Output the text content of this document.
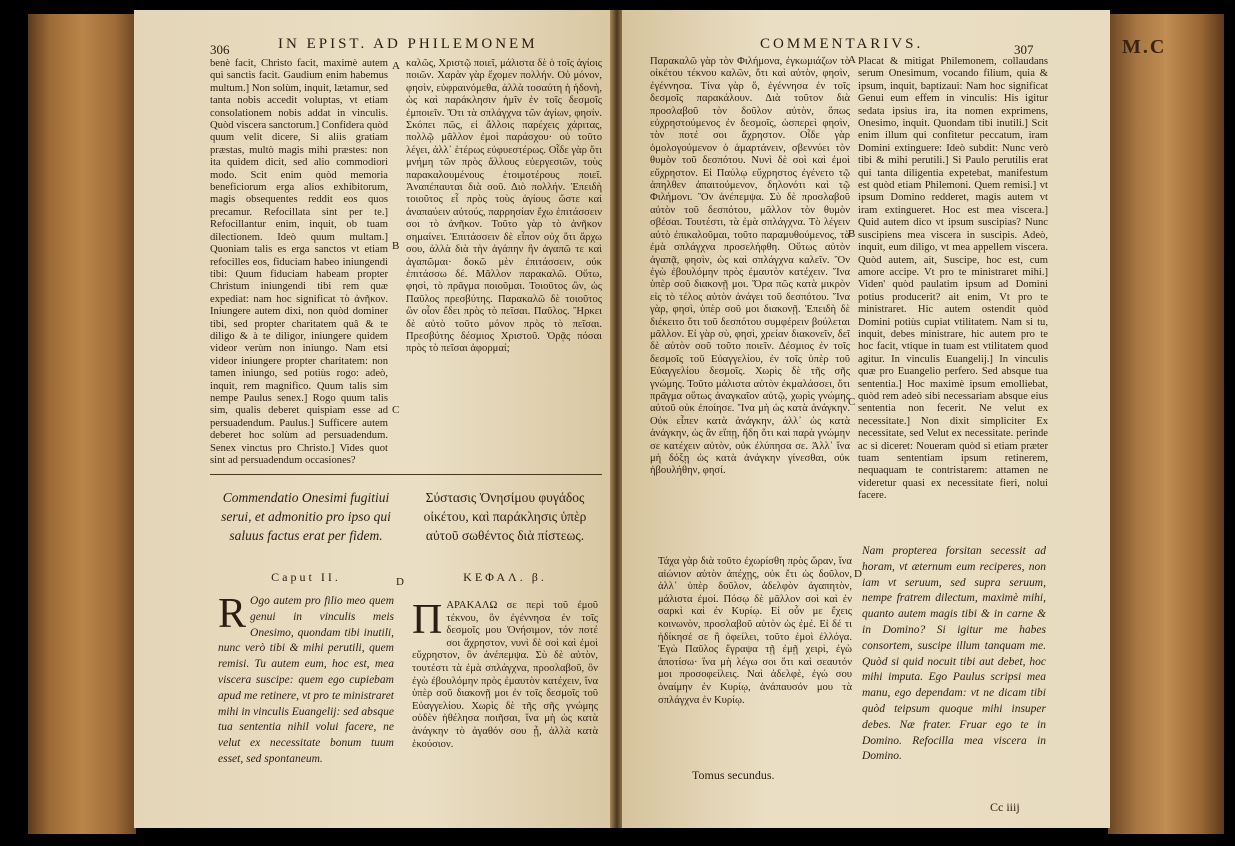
M.C
306	IN EPIST. AD PHILEMONEM

benè facit, Christo facit, maximè autem qui sanctis facit. Gaudium enim habemus multum.] Non solùm, inquit, lætamur, sed tanta nobis accedit voluptas, vt etiam consolationem nobis addat in vinculis. Quòd viscera sanctorum.] Confidera quòd quum velit dicere, Si aliis gratiam præstas, multò magis mihi præstes: non ita quidem dicit, sed alio commodiori modo. Scit enim quòd memoria beneficiorum erga alios exhibitorum, magis obsequentes reddit eos quos precamur. Refocillata sint per te.] Refocillantur enim, inquit, ob tuam dilectionem. Ideò quum multam.] Quoniam talis es erga sanctos vt etiam refocilles eos, fiduciam habeo iniungendi tibi: Quum fiduciam habeam propter Christum iniungendi tibi rem quæ expediat: nam hoc significat τὸ ἀνῆκον. Iniungere autem dixi, non quòd dominer tibi, sed propter charitatem quâ & te diligo & à te diligor, iniungere quidem videor verùm non iniungo. Nam etsi videor iniungere propter charitatem: non tamen iniungo, sed potiùs rogo: adeò, inquit, rem magnifico. Quum talis sim nempe Paulus senex.] Rogo quum talis sim, qualis deberet quispiam esse ad persuadendum. Paulus.] Sufficere autem deberet hoc solùm ad persuadendum. Senex vinctus pro Christo.] Vides quot sint ad persuadendum occasiones?

A
B
C

καλῶς, Χριστῷ ποιεῖ, μάλιστα δὲ ὁ τοῖς ἁγίοις ποιῶν. Χαρὰν γὰρ ἔχομεν πολλήν. Οὐ μόνον, φησὶν, εὐφραινόμεθα, ἀλλὰ τοσαύτη ἡ ἡδονὴ, ὡς καὶ παράκλησιν ἡμῖν ἐν τοῖς δεσμοῖς ἐμποιεῖν. Ὅτι τὰ σπλάγχνα τῶν ἁγίων, φησίν. Σκόπει πῶς, εἰ ἄλλοις παρέχεις χάριτας, πολλῷ μᾶλλον ἐμοὶ παράσχου· οὐ τοῦτο λέγει, ἀλλ᾽ ἑτέρως εὐφυεστέρως. Οἶδε γὰρ ὅτι μνήμη τῶν πρὸς ἄλλους εὐεργεσιῶν, τοὺς παρακαλουμένους ἑτοιμοτέρους ποιεῖ. Ἀναπέπαυται διὰ σοῦ. Διὸ πολλήν. Ἐπειδὴ τοιοῦτος εἶ πρὸς τοὺς ἁγίους ὥστε καὶ ἀναπαύειν αὐτούς, παρρησίαν ἔχω ἐπιτάσσειν σοι τὸ ἀνῆκον. Τοῦτο γὰρ τὸ ἀνῆκον σημαίνει. Ἐπιτάσσειν δὲ εἶπον οὐχ ὅτι ἄρχω σου, ἀλλὰ διὰ τὴν ἀγάπην ἣν ἀγαπῶ τε καὶ ἀγαπῶμαι· δοκῶ μὲν ἐπιτάσσειν, οὐκ ἐπιτάσσω δέ. Μᾶλλον παρακαλῶ. Οὕτω, φησὶ, τὸ πρᾶγμα ποιοῦμαι. Τοιοῦτος ὢν, ὡς Παῦλος πρεσβύτης. Παρακαλῶ δὲ τοιοῦτος ὢν οἷον ἔδει πρὸς τὸ πεῖσαι. Παῦλος. Ἤρκει δὲ αὐτὸ τοῦτο μόνον πρὸς τὸ πεῖσαι. Πρεσβύτης δέσμιος Χριστοῦ. Ὁρᾷς πόσαι πρὸς τὸ πεῖσαι ἀφορμαί;

Commendatio Onesimi fugitiui serui, et admonitio pro ipso qui saluus factus erat per fidem.
Σύστασις Ὀνησίμου φυγάδος οἰκέτου, καὶ παράκλησις ὑπὲρ αὐτοῦ σωθέντος διὰ πίστεως.
Caput II.	D	ΚΕΦΑΛ. β.
R Ogo autem pro filio meo quem genui in vinculis meis Onesimo, quondam tibi inutili, nunc verò tibi & mihi perutili, quem remisi. Tu autem eum, hoc est, mea viscera suscipe: quem ego cupiebam apud me retinere, vt pro te ministraret mihi in vinculis Euangelij: sed absque tua sententia nihil volui facere, ne velut ex necessitate bonum tuum esset, sed spontaneum.
ΠΑΡΑΚΑΛΩ σε περὶ τοῦ ἐμοῦ τέκνου, ὃν ἐγέννησα ἐν τοῖς δεσμοῖς μου Ὀνήσιμον, τόν ποτέ σοι ἄχρηστον, νυνὶ δὲ σοὶ καὶ ἐμοὶ εὔχρηστον, ὃν ἀνέπεμψα. Σὺ δὲ αὐτὸν, τουτέστι τὰ ἐμὰ σπλάγχνα, προσλαβοῦ, ὃν ἐγὼ ἐβουλόμην πρὸς ἐμαυτὸν κατέχειν, ἵνα ὑπὲρ σοῦ διακονῇ μοι ἐν τοῖς δεσμοῖς τοῦ Εὐαγγελίου. Χωρὶς δὲ τῆς σῆς γνώμης οὐδὲν ἠθέλησα ποιῆσαι, ἵνα μὴ ὡς κατὰ ἀνάγκην τὸ ἀγαθόν σου ᾖ, ἀλλὰ κατὰ ἑκούσιον.
COMMENTARIVS.	307

Παρακαλῶ γὰρ τὸν Φιλήμονα, ἐγκωμιάζων τὸ οἰκέτου τέκνου καλῶν, ὅτι καὶ αὐτὸν, φησὶν, ἐγέννησα. Τίνα γὰρ ὅ, ἐγέννησα ἐν τοῖς δεσμοῖς παρακάλουν. Διὰ τοῦτον διὰ προσλαβοῦ τὸν δοῦλον αὐτὸν, ὅπως εὐχρηστούμενος ἐν δεσμοῖς, ὡσπερεὶ φησὶν, τὸν ποτέ σοι ἄχρηστον. Οἶδε γὰρ ὁμολογούμενον ὁ ἁμαρτάνειν, σβεννύει τὸν θυμὸν τοῦ δεσπότου. Νυνὶ δὲ σοὶ καὶ ἐμοὶ εὔχρηστον. Εἰ Παύλῳ εὔχρηστος ἐγένετο τῷ ἀπηλθεν ἀπαιτούμενον, δηλονότι καὶ τῷ Φιλήμονι. Ὃν ἀνέπεμψα. Σὺ δὲ προσλαβοῦ αὐτὸν τοῦ δεσπότου, μᾶλλον τὸν θυμὸν σβέσαι. Τουτέστι, τὰ ἐμὰ σπλάγχνα. Τὸ λέγειν αὐτὸ ἐπικαλοῦμαι, τοῦτο παραμυθούμενος, τὰ ἐμὰ σπλάγχνα προσελήφθη. Οὕτως αὐτὸν ἀγαπᾷ, φησὶν, ὡς καὶ σπλάγχνα καλεῖν. Ὃν ἐγὼ ἐβουλόμην πρὸς ἐμαυτὸν κατέχειν. Ἵνα ὑπὲρ σοῦ διακονῇ μοι. Ὅρα πῶς κατὰ μικρὸν εἰς τὸ τέλος αὐτὸν ἀνάγει τοῦ δεσπότου. Ἵνα γὰρ, φησὶ, ὑπὲρ σοῦ μοι διακονῇ. Ἐπειδὴ δὲ διέκειτο ὅτι τοῦ δεσπότου συμφέρειν βούλεται μᾶλλον. Εἰ γὰρ σὺ, φησὶ, χρείαν διακονεῖν, δεῖ δὲ αὐτὸν σοῦ τοῦτο ποιεῖν. Δέσμιος ἐν τοῖς δεσμοῖς τοῦ Εὐαγγελίου, ἐν τοῖς ὑπὲρ τοῦ Εὐαγγελίου δεσμοῖς. Χωρὶς δὲ τῆς σῆς γνώμης. Τοῦτο μάλιστα αὐτὸν ἐκμαλάσσει, ὅτι πρᾶγμα οὕτως ἀναγκαῖον αὐτῷ, χωρὶς γνώμης αὐτοῦ οὐκ ἐποίησε. Ἵνα μὴ ὡς κατὰ ἀνάγκην. Οὐκ εἶπεν κατὰ ἀνάγκην, ἀλλ᾽ ὡς κατὰ ἀνάγκην, ὡς ἂν εἴπῃ, ἤδη ὅτι καὶ παρὰ γνώμην σε κατέχειν αὐτὸν, οὐκ ἐλύπησα σε. Ἀλλ᾽ ἵνα μὴ δόξῃ ὡς κατὰ ἀνάγκην γίνεσθαι, οὐκ ἠβουλήθην, φησί.

A
B
C
D

Placat & mitigat Philemonem, collaudans serum Onesimum, vocando filium, quia & ipsum, inquit, baptizaui: Nam hoc significat Genui eum effem in vinculis: His igitur sedata ipsius ira, ita nomen exprimens, Onesimo, inquit. Quondam tibi inutili.] Scit enim illum qui confitetur peccatum, iram Domini extinguere: Ideò subdit: Nunc verò tibi & mihi perutili.] Si Paulo perutilis erat qui tanta diligentia expetebat, manifestum est quòd etiam Philemoni. Quem remisi.] vt ipsum Domino redderet, magis autem vt iram extingueret. Hoc est mea viscera.] Quid autem dico vt ipsum suscipias? Nunc suscipiens mea viscera in suscipis. Adeò, inquit, eum diligo, vt mea appellem viscera. Quòd autem, ait, Suscipe, hoc est, cum amore accipe. Vt pro te ministraret mihi.] Viden' quòd paulatim ipsum ad Domini potius producerit? ait enim, Vt pro te ministraret. Hic autem ostendit quòd Domini potiùs cupiat vtilitatem. Nam si tu, inquit, debes ministrare, hic autem pro te hoc facit, vtique in tuam est vtilitatem quod agitur. In vinculis Euangelij.] In vinculis quæ pro Euangelio perfero. Sed absque tua sententia.] Hoc maximè ipsum emolliebat, quòd rem adeò sibi necessariam absque eius sententia non fecerit. Ne velut ex necessitate.] Non dixit simpliciter Ex necessitate, sed Velut ex necessitate. perinde ac si diceret: Noueram quòd si etiam præter tuam sententiam ipsum retinerem, nequaquam te contristarem: attamen ne videretur quasi ex necessitate fieri, nolui facere.

Τάχα γὰρ διὰ τοῦτο ἐχωρίσθη πρὸς ὥραν, ἵνα αἰώνιον αὐτὸν ἀπέχῃς, οὐκ ἔτι ὡς δοῦλον, ἀλλ᾽ ὑπὲρ δοῦλον, ἀδελφὸν ἀγαπητὸν, μάλιστα ἐμοί. Πόσῳ δὲ μᾶλλον σοὶ καὶ ἐν σαρκὶ καὶ ἐν Κυρίῳ. Εἰ οὖν με ἔχεις κοινωνὸν, προσλαβοῦ αὐτὸν ὡς ἐμέ. Εἰ δέ τι ἠδίκησέ σε ἢ ὀφείλει, τοῦτο ἐμοὶ ἐλλόγα. Ἐγὼ Παῦλος ἔγραψα τῇ ἐμῇ χειρὶ, ἐγὼ ἀποτίσω· ἵνα μὴ λέγω σοι ὅτι καὶ σεαυτόν μοι προσοφείλεις. Ναὶ ἀδελφὲ, ἐγώ σου ὀναίμην ἐν Κυρίῳ, ἀνάπαυσόν μου τὰ σπλάγχνα ἐν Κυρίῳ.
Nam propterea forsitan secessit ad horam, vt æternum eum reciperes, non iam vt seruum, sed supra seruum, nempe fratrem dilectum, maximè mihi, quanto autem magis tibi & in carne & in Domino? Si igitur me habes consortem, suscipe illum tanquam me. Quòd si quid nocuit tibi aut debet, hoc mihi imputa. Ego Paulus scripsi mea manu, ego dependam: vt ne dicam tibi quòd teipsum quoque mihi insuper debes. Næ frater. Fruar ego te in Domino. Refocilla mea viscera in Domino.
Tomus secundus.
Cc iiij
